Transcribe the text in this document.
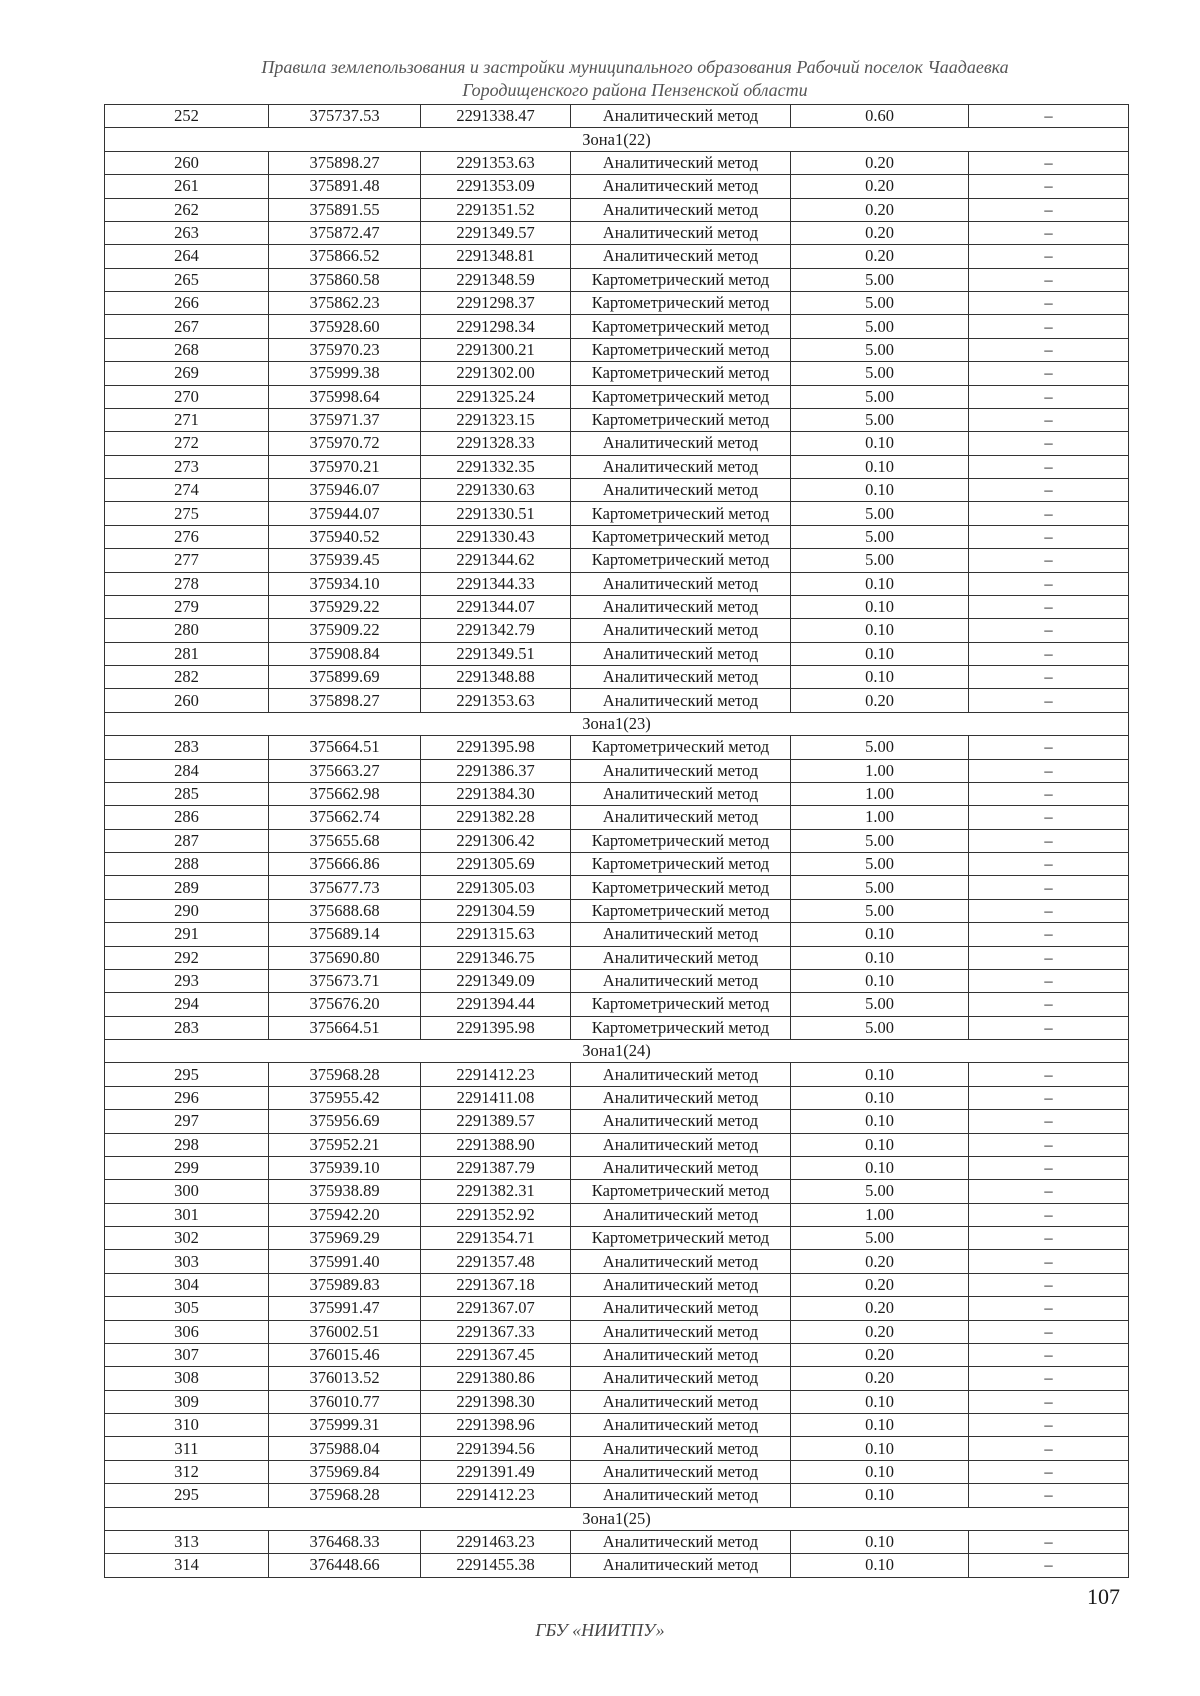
Правила землепользования и застройки муниципального образования Рабочий поселок Чаадаевка
Городищенского района Пензенской области
252	375737.53	2291338.47	Аналитический метод	0.60	–
Зона1(22)					
260	375898.27	2291353.63	Аналитический метод	0.20	–
261	375891.48	2291353.09	Аналитический метод	0.20	–
262	375891.55	2291351.52	Аналитический метод	0.20	–
263	375872.47	2291349.57	Аналитический метод	0.20	–
264	375866.52	2291348.81	Аналитический метод	0.20	–
265	375860.58	2291348.59	Картометрический метод	5.00	–
266	375862.23	2291298.37	Картометрический метод	5.00	–
267	375928.60	2291298.34	Картометрический метод	5.00	–
268	375970.23	2291300.21	Картометрический метод	5.00	–
269	375999.38	2291302.00	Картометрический метод	5.00	–
270	375998.64	2291325.24	Картометрический метод	5.00	–
271	375971.37	2291323.15	Картометрический метод	5.00	–
272	375970.72	2291328.33	Аналитический метод	0.10	–
273	375970.21	2291332.35	Аналитический метод	0.10	–
274	375946.07	2291330.63	Аналитический метод	0.10	–
275	375944.07	2291330.51	Картометрический метод	5.00	–
276	375940.52	2291330.43	Картометрический метод	5.00	–
277	375939.45	2291344.62	Картометрический метод	5.00	–
278	375934.10	2291344.33	Аналитический метод	0.10	–
279	375929.22	2291344.07	Аналитический метод	0.10	–
280	375909.22	2291342.79	Аналитический метод	0.10	–
281	375908.84	2291349.51	Аналитический метод	0.10	–
282	375899.69	2291348.88	Аналитический метод	0.10	–
260	375898.27	2291353.63	Аналитический метод	0.20	–
Зона1(23)					
283	375664.51	2291395.98	Картометрический метод	5.00	–
284	375663.27	2291386.37	Аналитический метод	1.00	–
285	375662.98	2291384.30	Аналитический метод	1.00	–
286	375662.74	2291382.28	Аналитический метод	1.00	–
287	375655.68	2291306.42	Картометрический метод	5.00	–
288	375666.86	2291305.69	Картометрический метод	5.00	–
289	375677.73	2291305.03	Картометрический метод	5.00	–
290	375688.68	2291304.59	Картометрический метод	5.00	–
291	375689.14	2291315.63	Аналитический метод	0.10	–
292	375690.80	2291346.75	Аналитический метод	0.10	–
293	375673.71	2291349.09	Аналитический метод	0.10	–
294	375676.20	2291394.44	Картометрический метод	5.00	–
283	375664.51	2291395.98	Картометрический метод	5.00	–
Зона1(24)					
295	375968.28	2291412.23	Аналитический метод	0.10	–
296	375955.42	2291411.08	Аналитический метод	0.10	–
297	375956.69	2291389.57	Аналитический метод	0.10	–
298	375952.21	2291388.90	Аналитический метод	0.10	–
299	375939.10	2291387.79	Аналитический метод	0.10	–
300	375938.89	2291382.31	Картометрический метод	5.00	–
301	375942.20	2291352.92	Аналитический метод	1.00	–
302	375969.29	2291354.71	Картометрический метод	5.00	–
303	375991.40	2291357.48	Аналитический метод	0.20	–
304	375989.83	2291367.18	Аналитический метод	0.20	–
305	375991.47	2291367.07	Аналитический метод	0.20	–
306	376002.51	2291367.33	Аналитический метод	0.20	–
307	376015.46	2291367.45	Аналитический метод	0.20	–
308	376013.52	2291380.86	Аналитический метод	0.20	–
309	376010.77	2291398.30	Аналитический метод	0.10	–
310	375999.31	2291398.96	Аналитический метод	0.10	–
311	375988.04	2291394.56	Аналитический метод	0.10	–
312	375969.84	2291391.49	Аналитический метод	0.10	–
295	375968.28	2291412.23	Аналитический метод	0.10	–
Зона1(25)					
313	376468.33	2291463.23	Аналитический метод	0.10	–
314	376448.66	2291455.38	Аналитический метод	0.10	–
107
ГБУ «НИИТПУ»
